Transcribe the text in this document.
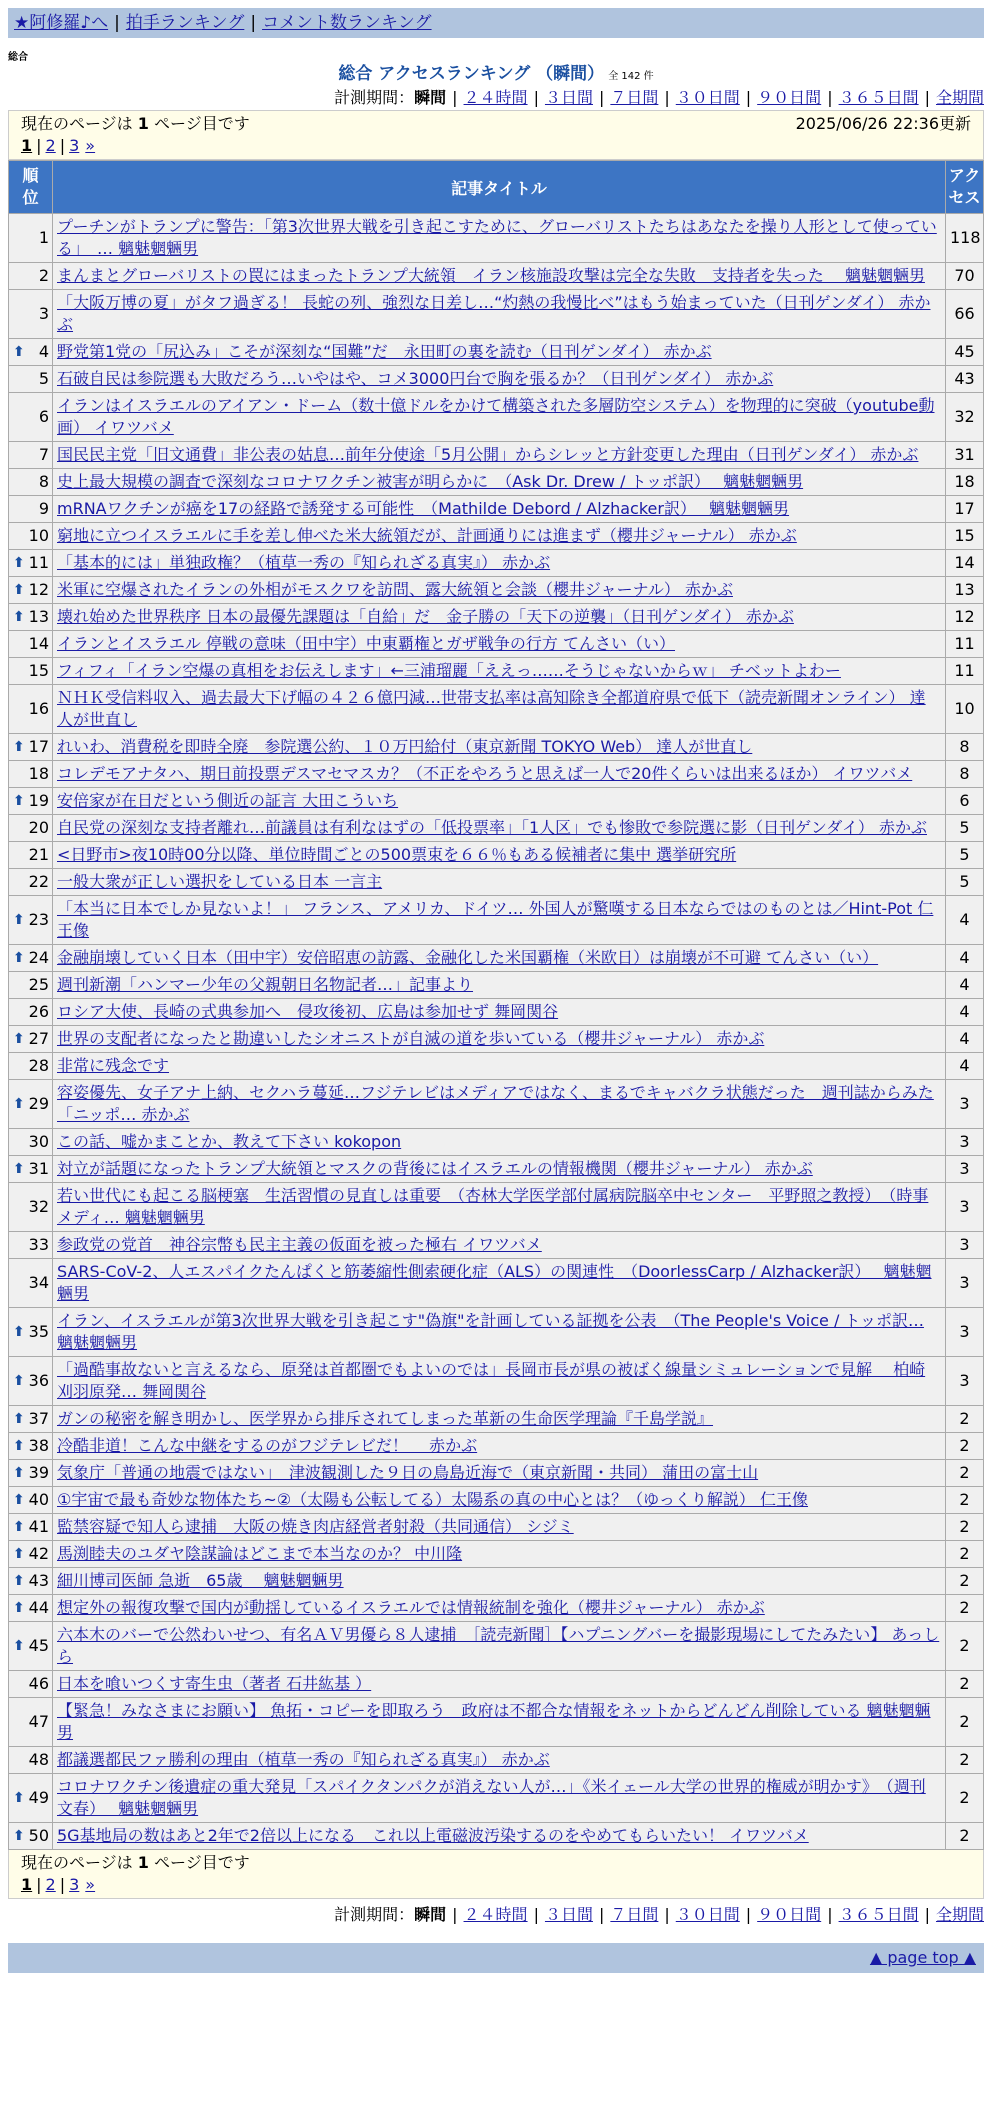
★阿修羅♪へ | 拍手ランキング | コメント数ランキング
総合
総合 アクセスランキング （瞬間） 全 142 件
計測期間：瞬間 | ２４時間 | ３日間 | ７日間 | ３０日間 | ９０日間 | ３６５日間 | 全期間
現在のページは 1 ページ目です	2025/06/26 22:36更新
1 | 2 | 3 »
順位	記事タイトル	アクセス
1	プーチンがトランプに警告：「第3次世界大戦を引き起こすために、グローバリストたちはあなたを操り人形として使っている」　… 魑魅魍魎男	118
2	まんまとグローバリストの罠にはまったトランプ大統領　イラン核施設攻撃は完全な失敗　支持者を失った　 魑魅魍魎男	70
3	「大阪万博の夏」がタフ過ぎる！ 長蛇の列、強烈な日差し…“灼熱の我慢比べ”はもう始まっていた（日刊ゲンダイ） 赤かぶ	66

⬆ 4	野党第1党の「尻込み」こそが深刻な“国難”だ　永田町の裏を読む（日刊ゲンダイ） 赤かぶ	45
5	石破自民は参院選も大敗だろう…いやはや、コメ3000円台で胸を張るか？（日刊ゲンダイ） 赤かぶ	43
6	イランはイスラエルのアイアン・ドーム（数十億ドルをかけて構築された多層防空システム）を物理的に突破（youtube動画） イワツバメ	32
7	国民民主党「旧文通費」非公表の姑息…前年分使途「5月公開」からシレッと方針変更した理由（日刊ゲンダイ） 赤かぶ	31
8	史上最大規模の調査で深刻なコロナワクチン被害が明らかに　（Ask Dr. Drew / トッポ訳）　 魑魅魍魎男	18
9	mRNAワクチンが癌を17の経路で誘発する可能性　（Mathilde Debord / Alzhacker訳）　 魑魅魍魎男	17
10	窮地に立つイスラエルに手を差し伸べた米大統領だが、計画通りには進まず（櫻井ジャーナル） 赤かぶ	15

⬆ 11	「基本的には」単独政権？（植草一秀の『知られざる真実』） 赤かぶ	14

⬆ 12	米軍に空爆されたイランの外相がモスクワを訪問、露大統領と会談（櫻井ジャーナル） 赤かぶ	13

⬆ 13	壊れ始めた世界秩序 日本の最優先課題は「自給」だ　金子勝の「天下の逆襲」（日刊ゲンダイ） 赤かぶ	12
14	イランとイスラエル 停戦の意味（田中宇）中東覇権とガザ戦争の行方 てんさい（い）	11
15	フィフィ「イラン空爆の真相をお伝えします」←三浦瑠麗「ええっ……そうじゃないからｗ」 チベットよわー	11
16	ＮＨＫ受信料収入、過去最大下げ幅の４２６億円減…世帯支払率は高知除き全都道府県で低下（読売新聞オンライン） 達人が世直し	10

⬆ 17	れいわ、消費税を即時全廃　参院選公約、１０万円給付（東京新聞 TOKYO Web） 達人が世直し	8
18	コレデモアナタハ、期日前投票デスマセマスカ？（不正をやろうと思えば一人で20件くらいは出来るほか） イワツバメ	8

⬆ 19	安倍家が在日だという側近の証言 大田こういち	6
20	自民党の深刻な支持者離れ…前議員は有利なはずの「低投票率」「1人区」でも惨敗で参院選に影（日刊ゲンダイ） 赤かぶ	5
21	<日野市>夜10時00分以降、単位時間ごとの500票束を６６％もある候補者に集中 選挙研究所	5
22	一般大衆が正しい選択をしている日本 一言主	5

⬆ 23	「本当に日本でしか見ないよ！」 フランス、アメリカ、ドイツ… 外国人が驚嘆する日本ならではのものとは／Hint-Pot 仁王像	4

⬆ 24	金融崩壊していく日本（田中宇）安倍昭恵の訪露、金融化した米国覇権（米欧日）は崩壊が不可避 てんさい（い）	4
25	週刊新潮「ハンマー少年の父親朝日名物記者…」記事より	4
26	ロシア大使、長崎の式典参加へ　侵攻後初、広島は参加せず 舞岡関谷	4

⬆ 27	世界の支配者になったと勘違いしたシオニストが自滅の道を歩いている（櫻井ジャーナル） 赤かぶ	4
28	非常に残念です	4

⬆ 29	容姿優先、女子アナ上納、セクハラ蔓延…フジテレビはメディアではなく、まるでキャバクラ状態だった　週刊誌からみた「ニッポ… 赤かぶ	3
30	この話、嘘かまことか、教えて下さい kokopon	3

⬆ 31	対立が話題になったトランプ大統領とマスクの背後にはイスラエルの情報機関（櫻井ジャーナル） 赤かぶ	3
32	若い世代にも起こる脳梗塞　生活習慣の見直しは重要　（杏林大学医学部付属病院脳卒中センター　平野照之教授）　（時事メディ… 魑魅魍魎男	3
33	参政党の党首　神谷宗幣も民主主義の仮面を被った極右 イワツバメ	3
34	SARS-CoV-2、人エスパイクたんぱくと筋萎縮性側索硬化症（ALS）の関連性　（DoorlessCarp / Alzhacker訳）　 魑魅魍魎男	3

⬆ 35	イラン、イスラエルが第3次世界大戦を引き起こす"偽旗"を計画している証拠を公表　（The People's Voice / トッポ訳… 魑魅魍魎男	3

⬆ 36	「過酷事故ないと言えるなら、原発は首都圏でもよいのでは」長岡市長が県の被ばく線量シミュレーションで見解　 柏崎刈羽原発… 舞岡関谷	3

⬆ 37	ガンの秘密を解き明かし、医学界から排斥されてしまった革新の生命医学理論『千島学説』	2

⬆ 38	冷酷非道！こんな中継をするのがフジテレビだ！　 赤かぶ	2

⬆ 39	気象庁「普通の地震ではない」　津波観測した９日の鳥島近海で（東京新聞・共同） 蒲田の富士山	2

⬆ 40	①宇宙で最も奇妙な物体たち~②（太陽も公転してる）太陽系の真の中心とは？（ゆっくり解説） 仁王像	2

⬆ 41	監禁容疑で知人ら逮捕　大阪の焼き肉店経営者射殺（共同通信） シジミ	2

⬆ 42	馬渕睦夫のユダヤ陰謀論はどこまで本当なのか？ 中川隆	2

⬆ 43	細川博司医師 急逝　65歳　 魑魅魍魎男	2

⬆ 44	想定外の報復攻撃で国内が動揺しているイスラエルでは情報統制を強化（櫻井ジャーナル） 赤かぶ	2

⬆ 45	六本木のバーで公然わいせつ、有名ＡＶ男優ら８人逮捕　［読売新聞］【ハプニングバーを撮影現場にしてたみたい】 あっしら	2
46	日本を喰いつくす寄生虫（著者 石井紘基 ）	2
47	【緊急！みなさまにお願い】 魚拓・コピーを即取ろう　政府は不都合な情報をネットからどんどん削除している 魑魅魍魎男	2
48	都議選都民ファ勝利の理由（植草一秀の『知られざる真実』） 赤かぶ	2

⬆ 49	コロナワクチン後遺症の重大発見「スパイクタンパクが消えない人が…」《米イェール大学の世界的権威が明かす》　（週刊文春）　 魑魅魍魎男	2

⬆ 50	5G基地局の数はあと2年で2倍以上になる　これ以上電磁波汚染するのをやめてもらいたい！ イワツバメ	2
現在のページは 1 ページ目です
1 | 2 | 3 »
計測期間：瞬間 | ２４時間 | ３日間 | ７日間 | ３０日間 | ９０日間 | ３６５日間 | 全期間
▲ page top ▲
